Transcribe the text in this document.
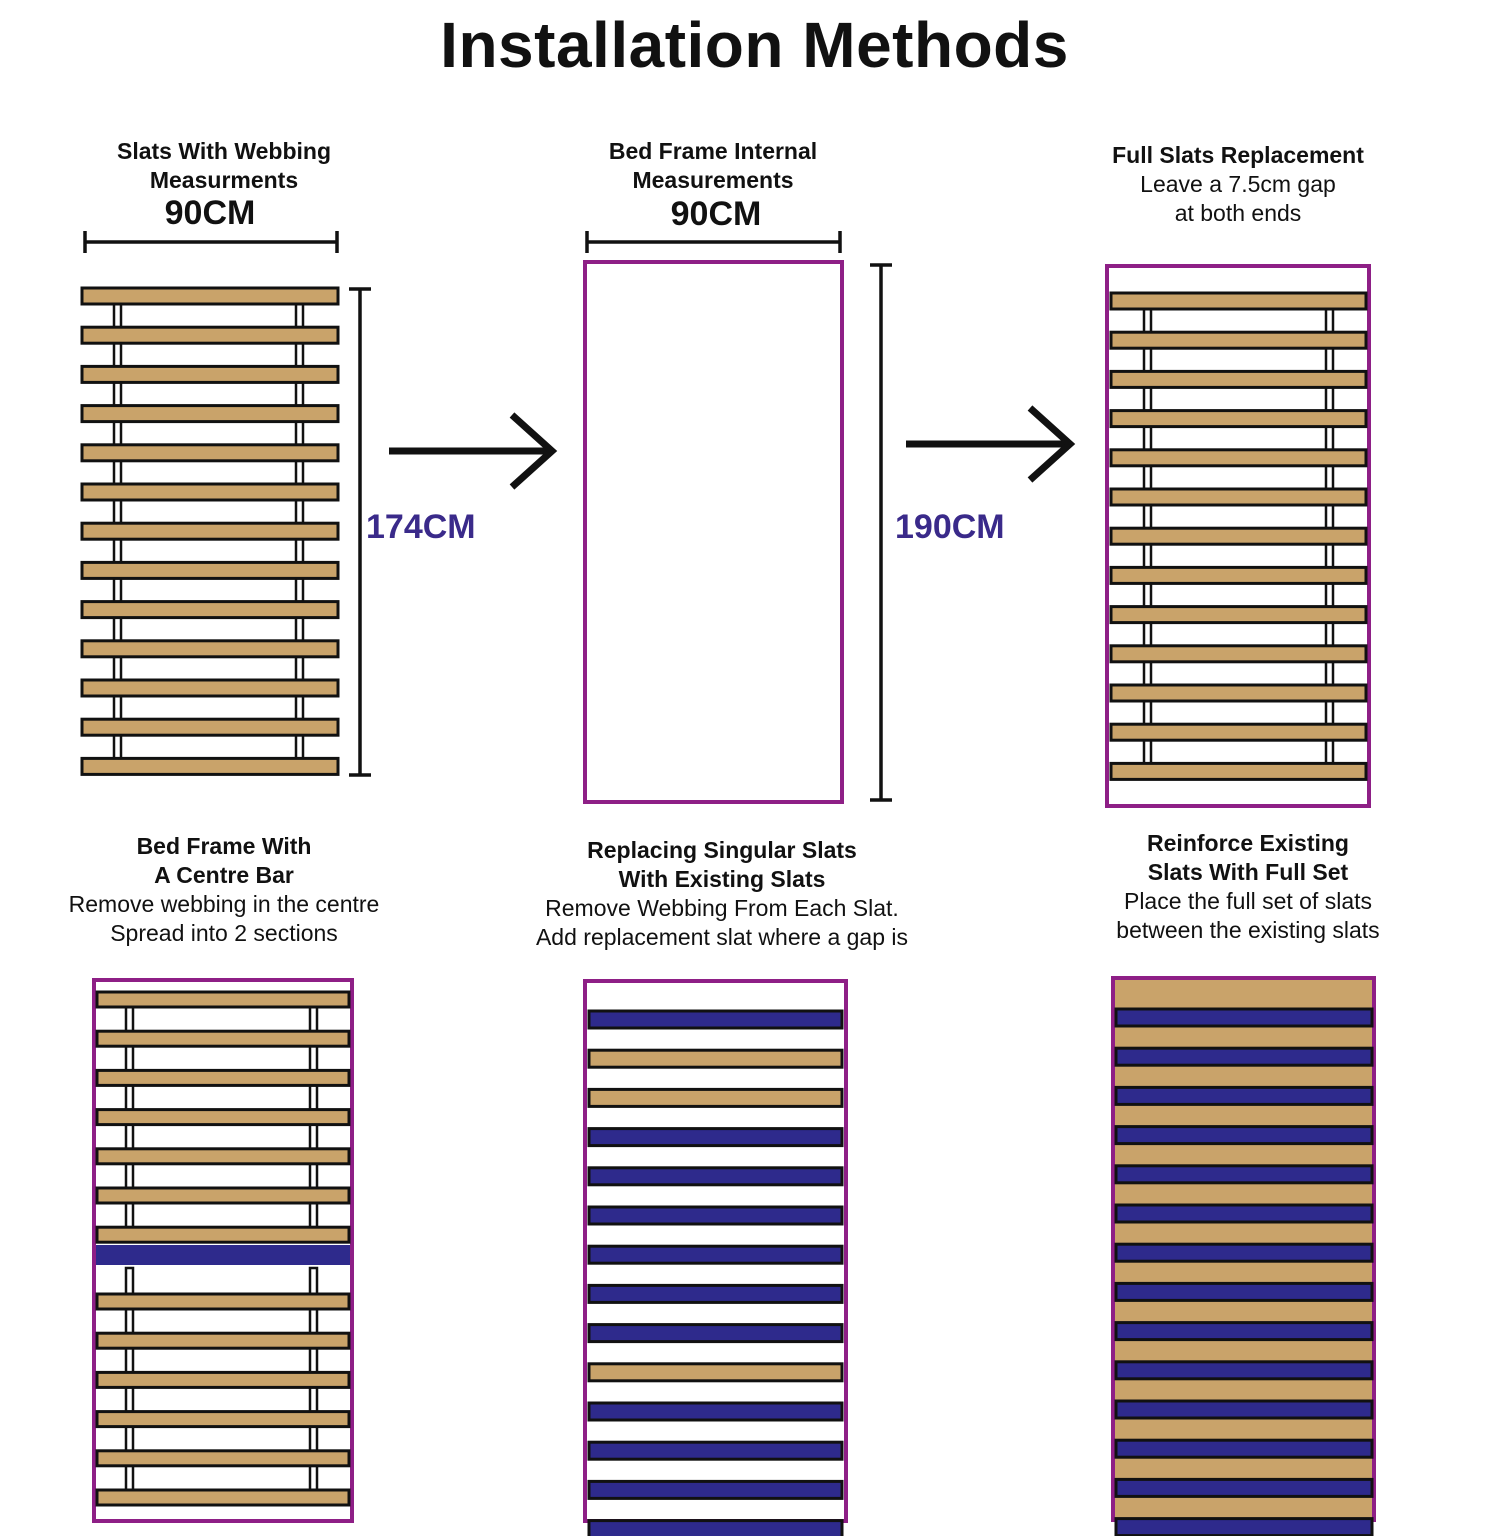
Installation Methods
Slats With Webbing
Measurments
90CM
174CM
Bed Frame Internal
Measurements
90CM
190CM
Full Slats Replacement
Leave a 7.5cm gap
at both ends
Bed Frame With
A Centre Bar
Remove webbing in the centre
Spread into 2 sections
Replacing Singular Slats
With Existing Slats
Remove Webbing From Each Slat.
Add replacement slat where a gap is
Reinforce Existing
Slats With Full Set
Place the full set of slats
between the existing slats
